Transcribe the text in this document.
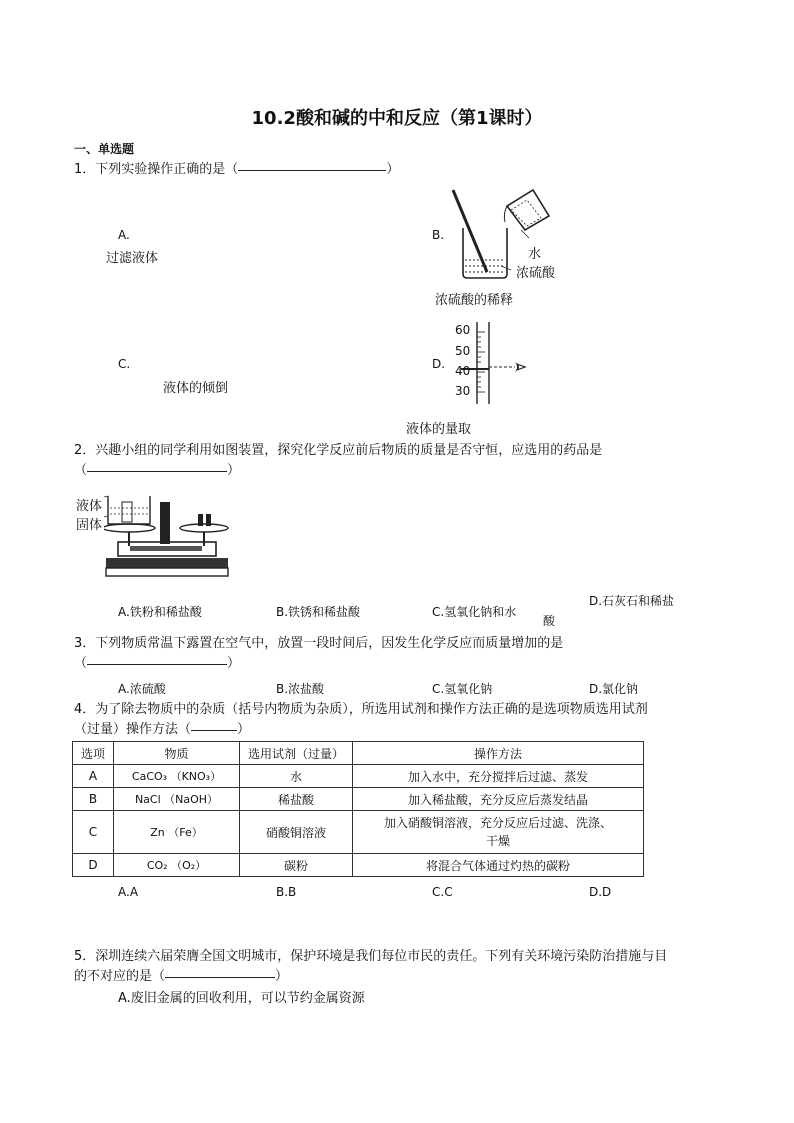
10.2酸和碱的中和反应（第1课时）
一、单选题
1．下列实验操作正确的是（	）
A.
过滤液体
B.
水
浓硫酸
浓硫酸的稀释
C.
液体的倾倒
D.
60
50
40
30
液体的量取
2．兴趣小组的同学利用如图装置，探究化学反应前后物质的质量是否守恒，应选用的药品是
（	）
液体
固体
A.铁粉和稀盐酸	B.铁锈和稀盐酸	C.氢氧化钠和水
D.石灰石和稀盐
酸
3．下列物质常温下露置在空气中，放置一段时间后，因发生化学反应而质量增加的是
（	）
A.浓硫酸	B.浓盐酸	C.氢氧化钠	D.氯化钠
4．为了除去物质中的杂质（括号内物质为杂质），所选用试剂和操作方法正确的是选项物质选用试剂
（过量）操作方法（	）
选项	物质	选用试剂（过量）	操作方法
A	CaCO₃ （KNO₃）	水	加入水中，充分搅拌后过滤、蒸发
B	NaCl （NaOH）	稀盐酸	加入稀盐酸，充分反应后蒸发结晶
C	Zn （Fe）	硝酸铜溶液	加入硝酸铜溶液，充分反应后过滤、洗涤、干燥
D	CO₂ （O₂）	碳粉	将混合气体通过灼热的碳粉
A.A	B.B	C.C	D.D
5．深圳连续六届荣膺全国文明城市，保护环境是我们每位市民的责任。下列有关环境污染防治措施与目
的不对应的是（	）
A.废旧金属的回收利用，可以节约金属资源
